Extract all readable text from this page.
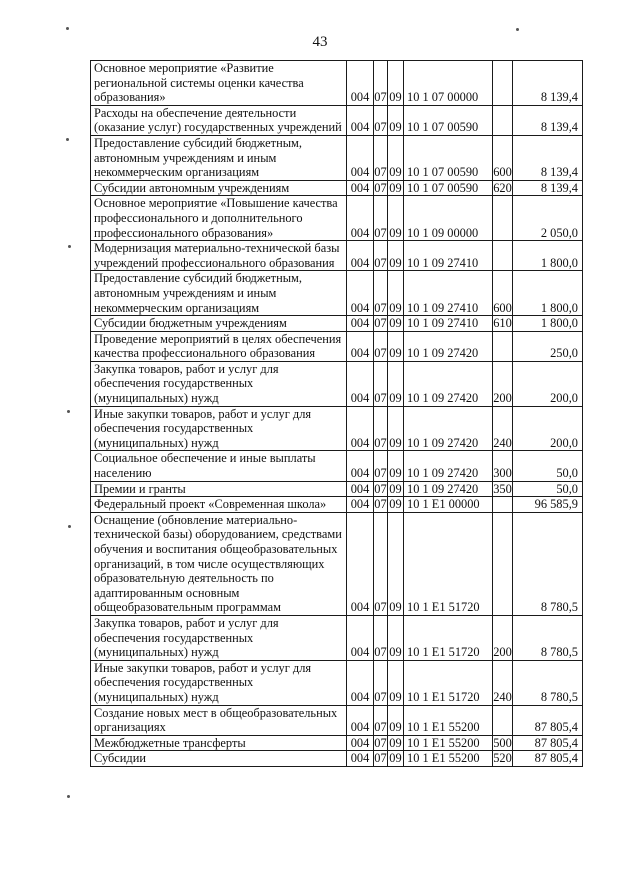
43
Основное мероприятие «Развитие региональной системы оценки качества образования»	004	07	09	10 1 07 00000		8 139,4
Расходы на обеспечение деятельности (оказание услуг) государственных учреждений	004	07	09	10 1 07 00590		8 139,4
Предоставление субсидий бюджетным, автономным учреждениям и иным некоммерческим организациям	004	07	09	10 1 07 00590	600	8 139,4
Субсидии автономным учреждениям	004	07	09	10 1 07 00590	620	8 139,4
Основное мероприятие «Повышение качества профессионального и дополнительного профессионального образования»	004	07	09	10 1 09 00000		2 050,0
Модернизация материально-технической базы учреждений профессионального образования	004	07	09	10 1 09 27410		1 800,0
Предоставление субсидий бюджетным, автономным учреждениям и иным некоммерческим организациям	004	07	09	10 1 09 27410	600	1 800,0
Субсидии бюджетным учреждениям	004	07	09	10 1 09 27410	610	1 800,0
Проведение мероприятий в целях обеспечения качества профессионального образования	004	07	09	10 1 09 27420		250,0
Закупка товаров, работ и услуг для обеспечения государственных (муниципальных) нужд	004	07	09	10 1 09 27420	200	200,0
Иные закупки товаров, работ и услуг для обеспечения государственных (муниципальных) нужд	004	07	09	10 1 09 27420	240	200,0
Социальное обеспечение и иные выплаты населению	004	07	09	10 1 09 27420	300	50,0
Премии и гранты	004	07	09	10 1 09 27420	350	50,0
Федеральный проект «Современная школа»	004	07	09	10 1 Е1 00000		96 585,9
Оснащение (обновление материально-технической базы) оборудованием, средствами обучения и воспитания общеобразовательных организаций, в том числе осуществляющих образовательную деятельность по адаптированным основным общеобразовательным программам	004	07	09	10 1 Е1 51720		8 780,5
Закупка товаров, работ и услуг для обеспечения государственных (муниципальных) нужд	004	07	09	10 1 Е1 51720	200	8 780,5
Иные закупки товаров, работ и услуг для обеспечения государственных (муниципальных) нужд	004	07	09	10 1 Е1 51720	240	8 780,5
Создание новых мест в общеобразовательных организациях	004	07	09	10 1 Е1 55200		87 805,4
Межбюджетные трансферты	004	07	09	10 1 Е1 55200	500	87 805,4
Субсидии	004	07	09	10 1 Е1 55200	520	87 805,4
